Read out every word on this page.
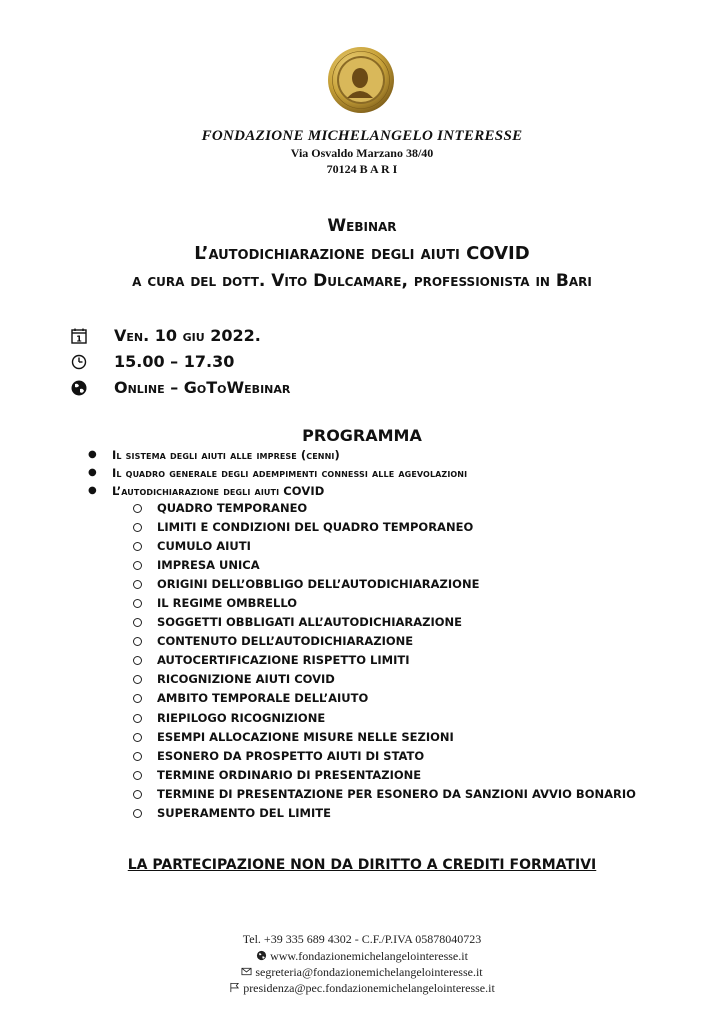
FONDAZIONE MICHELANGELO INTERESSE
Via Osvaldo Marzano 38/40
70124 B A R I
Webinar
L’autodichiarazione degli aiuti COVID
a cura del dott. Vito Dulcamare, professionista in Bari
1 Ven. 10 giu 2022.
15.00 – 17.30
Online – GoToWebinar
PROGRAMMA
● Il sistema degli aiuti alle imprese (cenni)
● Il quadro generale degli adempimenti connessi alle agevolazioni
● L’autodichiarazione degli aiuti COVID
QUADRO TEMPORANEO
LIMITI E CONDIZIONI DEL QUADRO TEMPORANEO
CUMULO AIUTI
IMPRESA UNICA
ORIGINI DELL’OBBLIGO DELL’AUTODICHIARAZIONE
IL REGIME OMBRELLO
SOGGETTI OBBLIGATI ALL’AUTODICHIARAZIONE
CONTENUTO DELL’AUTODICHIARAZIONE
AUTOCERTIFICAZIONE RISPETTO LIMITI
RICOGNIZIONE AIUTI COVID
AMBITO TEMPORALE DELL’AIUTO
RIEPILOGO RICOGNIZIONE
ESEMPI ALLOCAZIONE MISURE NELLE SEZIONI
ESONERO DA PROSPETTO AIUTI DI STATO
TERMINE ORDINARIO DI PRESENTAZIONE
TERMINE DI PRESENTAZIONE PER ESONERO DA SANZIONI AVVIO BONARIO
SUPERAMENTO DEL LIMITE
LA PARTECIPAZIONE NON DA DIRITTO A CREDITI FORMATIVI
Tel. +39 335 689 4302 - C.F./P.IVA 05878040723
www.fondazionemichelangelointeresse.it
segreteria@fondazionemichelangelointeresse.it
presidenza@pec.fondazionemichelangelointeresse.it
